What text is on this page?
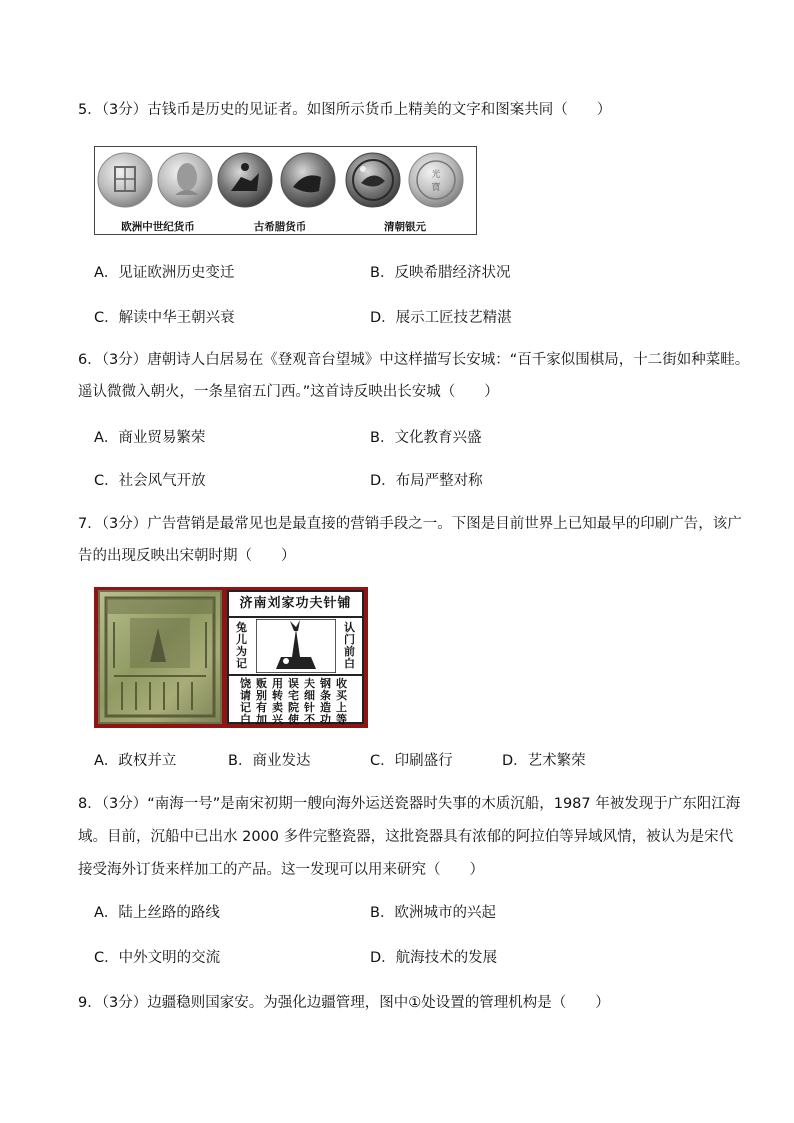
5．（3分）古钱币是历史的见证者。如图所示货币上精美的文字和图案共同（　　）
光
寶
欧洲中世纪货币	古希腊货币	清朝银元
A．见证欧洲历史变迁	B．反映希腊经济状况
C．解读中华王朝兴衰	D．展示工匠技艺精湛
6．（3分）唐朝诗人白居易在《登观音台望城》中这样描写长安城：“百千家似围棋局，十二街如种菜畦。
遥认微微入朝火，一条星宿五门西。”这首诗反映出长安城（　　）
A．商业贸易繁荣	B．文化教育兴盛
C．社会风气开放	D．布局严整对称
7．（3分）广告营销是最常见也是最直接的营销手段之一。下图是目前世界上已知最早的印刷广告，该广
告的出现反映出宋朝时期（　　）
济南刘家功夫针铺
兔儿为记
认门前白
收买上等
钢条造功
夫细针不
误宅院使
用转卖兴
贩别有加
饶请记白
A．政权并立	B．商业发达	C．印刷盛行	D．艺术繁荣
8．（3分）“南海一号”是南宋初期一艘向海外运送瓷器时失事的木质沉船，1987 年被发现于广东阳江海
域。目前，沉船中已出水 2000 多件完整瓷器，这批瓷器具有浓郁的阿拉伯等异域风情，被认为是宋代
接受海外订货来样加工的产品。这一发现可以用来研究（　　）
A．陆上丝路的路线	B．欧洲城市的兴起
C．中外文明的交流	D．航海技术的发展
9．（3分）边疆稳则国家安。为强化边疆管理，图中①处设置的管理机构是（　　）
